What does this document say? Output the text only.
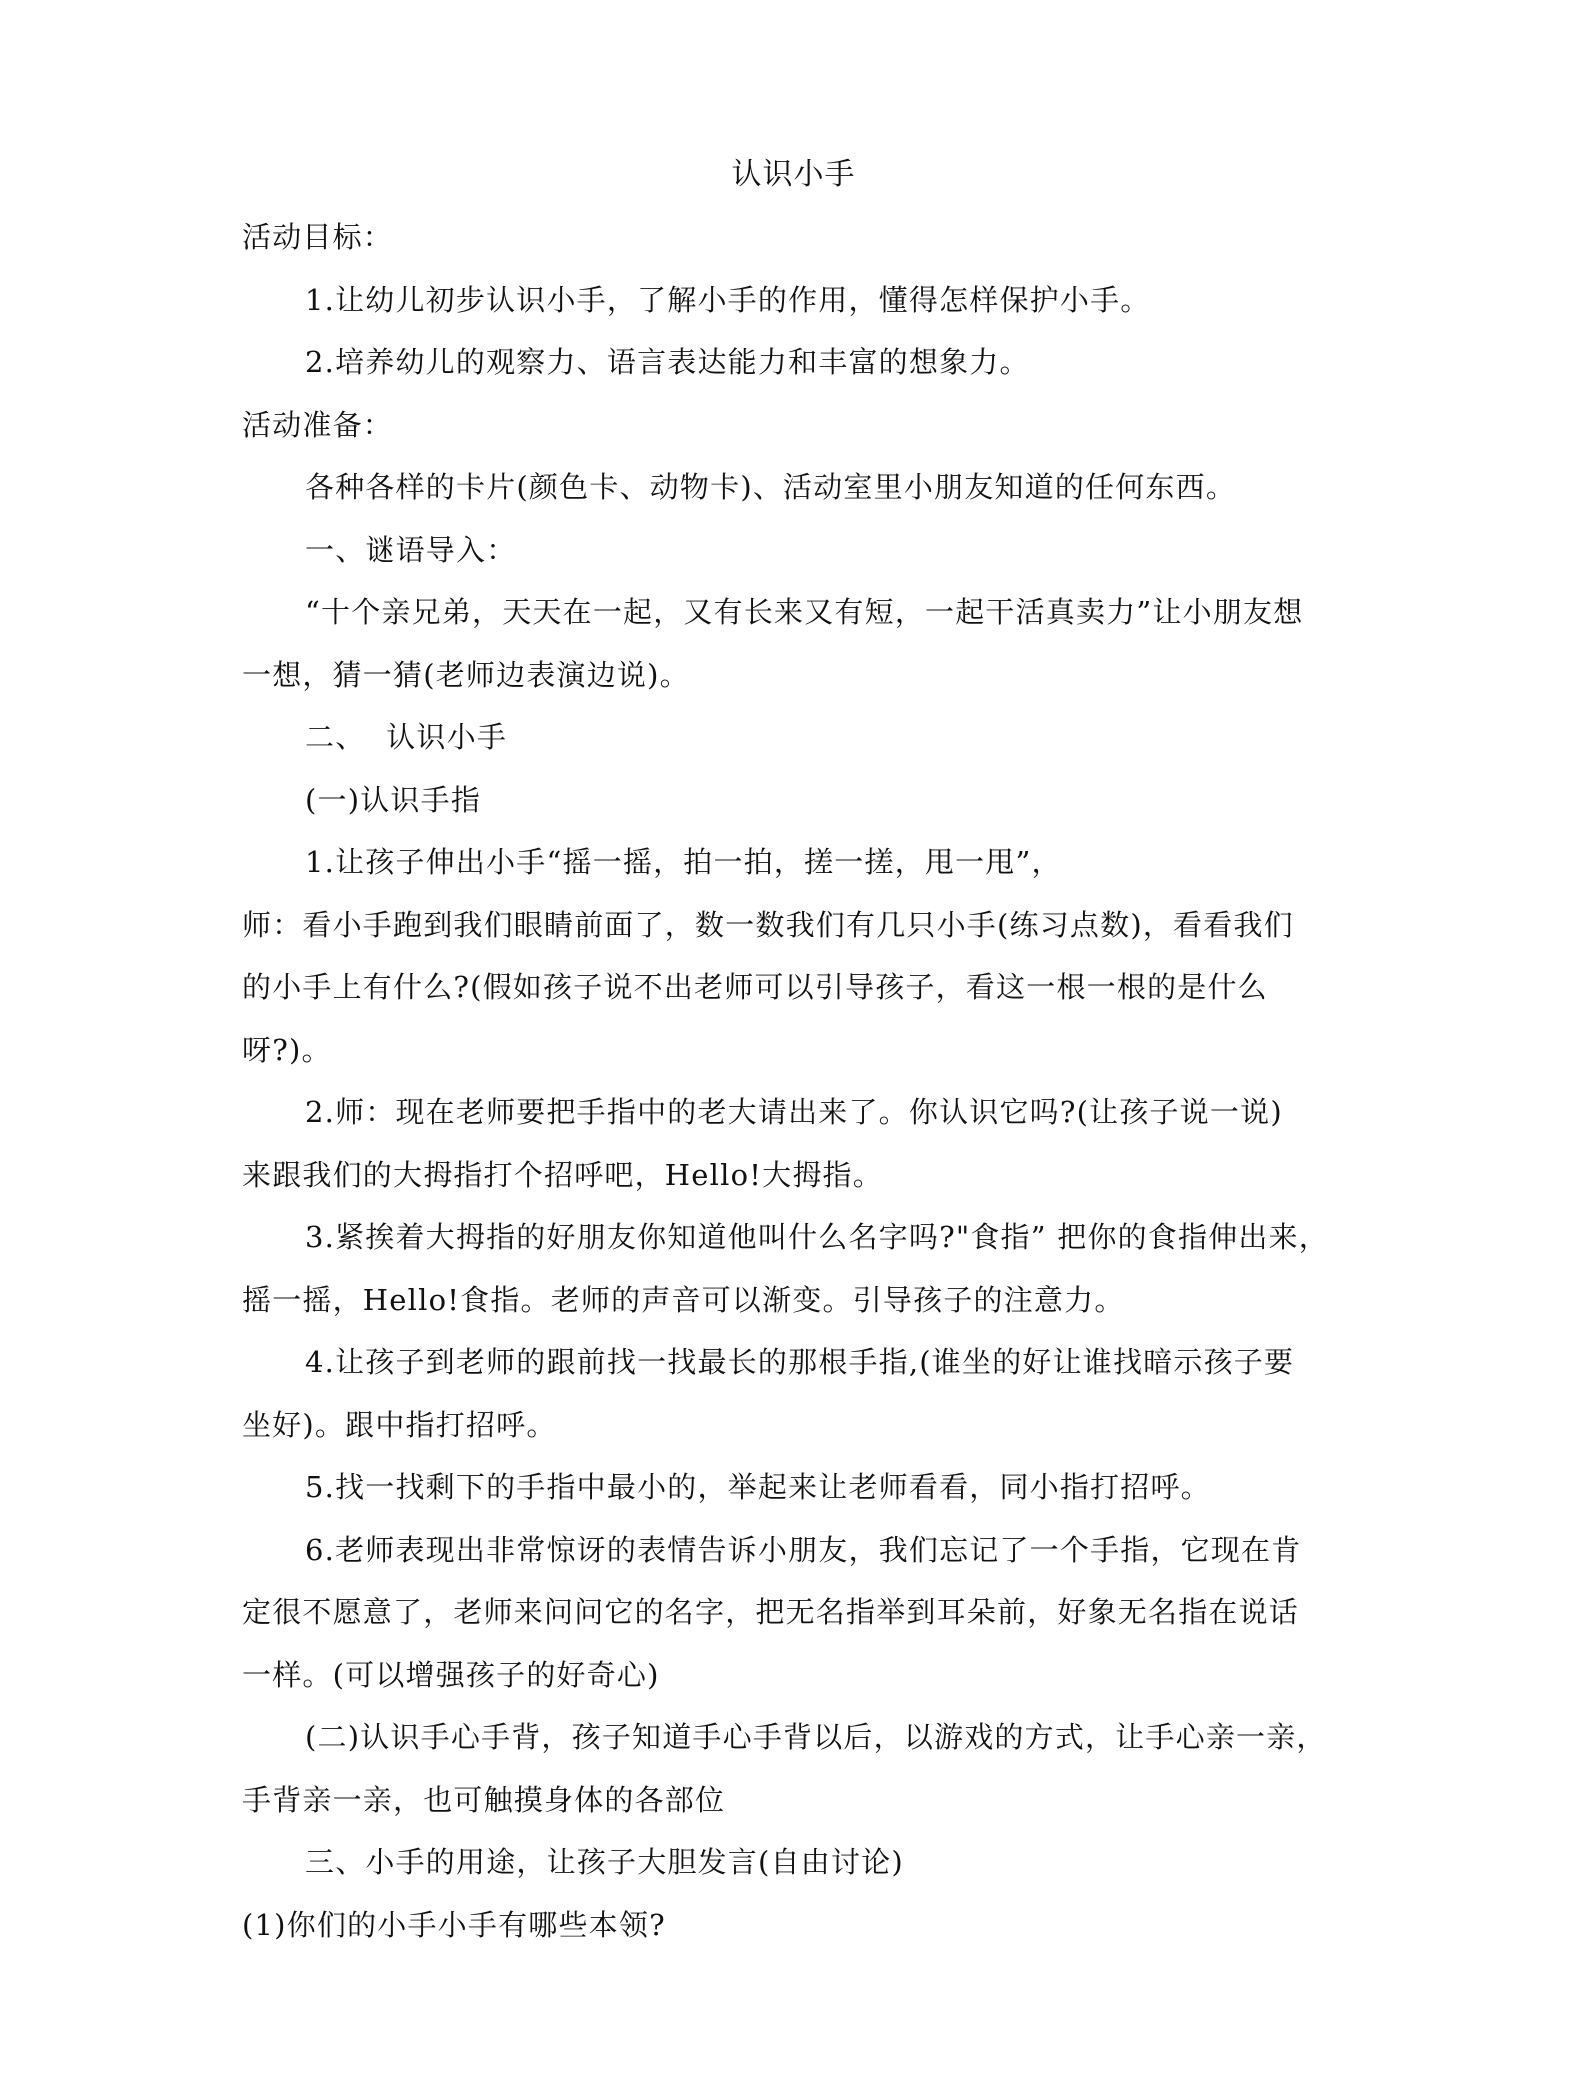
认识小手
活动目标：
1.让幼儿初步认识小手，了解小手的作用，懂得怎样保护小手。
2.培养幼儿的观察力、语言表达能力和丰富的想象力。
活动准备：
各种各样的卡片(颜色卡、动物卡)、活动室里小朋友知道的任何东西。
一、谜语导入：
“十个亲兄弟，天天在一起，又有长来又有短，一起干活真卖力”让小朋友想
一想，猜一猜(老师边表演边说)。
二、  认识小手
(一)认识手指
1.让孩子伸出小手“摇一摇，拍一拍，搓一搓，甩一甩”，
师：看小手跑到我们眼睛前面了，数一数我们有几只小手(练习点数)，看看我们
的小手上有什么?(假如孩子说不出老师可以引导孩子，看这一根一根的是什么
呀?)。
2.师：现在老师要把手指中的老大请出来了。你认识它吗?(让孩子说一说)
来跟我们的大拇指打个招呼吧，Hello!大拇指。
3.紧挨着大拇指的好朋友你知道他叫什么名字吗?"食指” 把你的食指伸出来，
摇一摇，Hello!食指。老师的声音可以渐变。引导孩子的注意力。
4.让孩子到老师的跟前找一找最长的那根手指,(谁坐的好让谁找暗示孩子要
坐好)。跟中指打招呼。
5.找一找剩下的手指中最小的，举起来让老师看看，同小指打招呼。
6.老师表现出非常惊讶的表情告诉小朋友，我们忘记了一个手指，它现在肯
定很不愿意了，老师来问问它的名字，把无名指举到耳朵前，好象无名指在说话
一样。(可以增强孩子的好奇心)
(二)认识手心手背，孩子知道手心手背以后，以游戏的方式，让手心亲一亲，
手背亲一亲，也可触摸身体的各部位
三、小手的用途，让孩子大胆发言(自由讨论)
(1)你们的小手小手有哪些本领?
